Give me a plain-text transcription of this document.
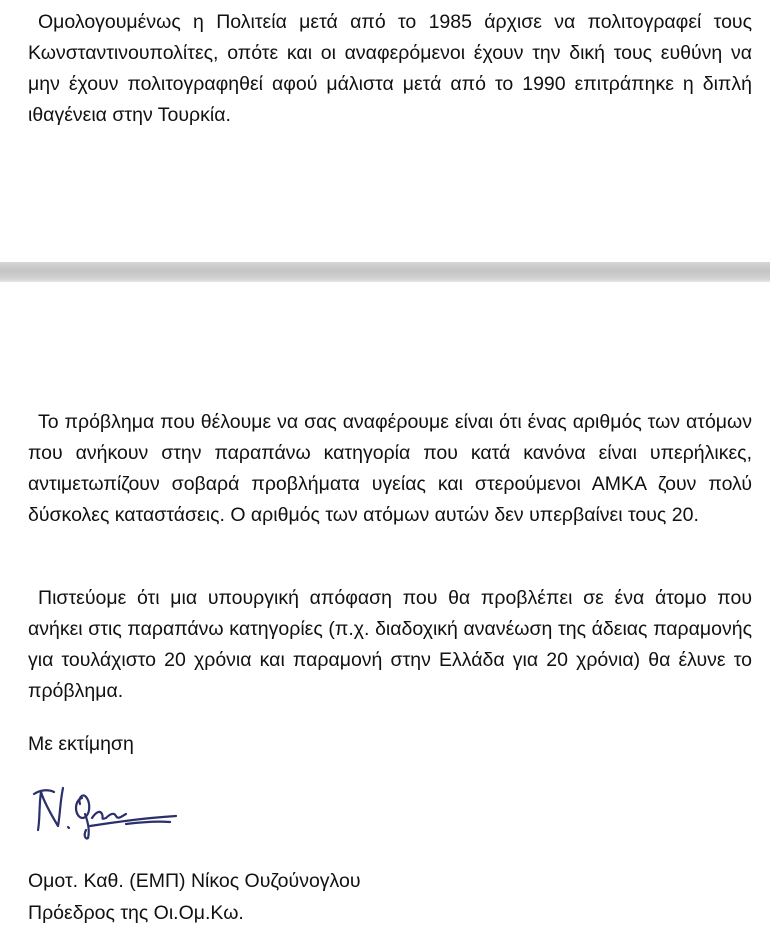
Ομολογουμένως η Πολιτεία μετά από το 1985 άρχισε να πολιτογραφεί τους Κωνσταντινουπολίτες, οπότε και οι αναφερόμενοι έχουν την δική τους ευθύνη να μην έχουν πολιτογραφηθεί αφού μάλιστα μετά από το 1990 επιτράπηκε η διπλή ιθαγένεια στην Τουρκία.

Το πρόβλημα που θέλουμε να σας αναφέρουμε είναι ότι ένας αριθμός των ατόμων που ανήκουν στην παραπάνω κατηγορία που κατά κανόνα είναι υπερήλικες, αντιμετωπίζουν σοβαρά προβλήματα υγείας και στερούμενοι ΑΜΚΑ ζουν πολύ δύσκολες καταστάσεις. Ο αριθμός των ατόμων αυτών δεν υπερβαίνει τους 20.

Πιστεύομε ότι μια υπουργική απόφαση που θα προβλέπει σε ένα άτομο που ανήκει στις παραπάνω κατηγορίες (π.χ. διαδοχική ανανέωση της άδειας παραμονής για τουλάχιστο 20 χρόνια και παραμονή στην Ελλάδα για 20 χρόνια) θα έλυνε το πρόβλημα.

Με εκτίμηση

Ομοτ. Καθ. (ΕΜΠ) Νίκος Ουζούνογλου

Πρόεδρος της Οι.Ομ.Κω.
